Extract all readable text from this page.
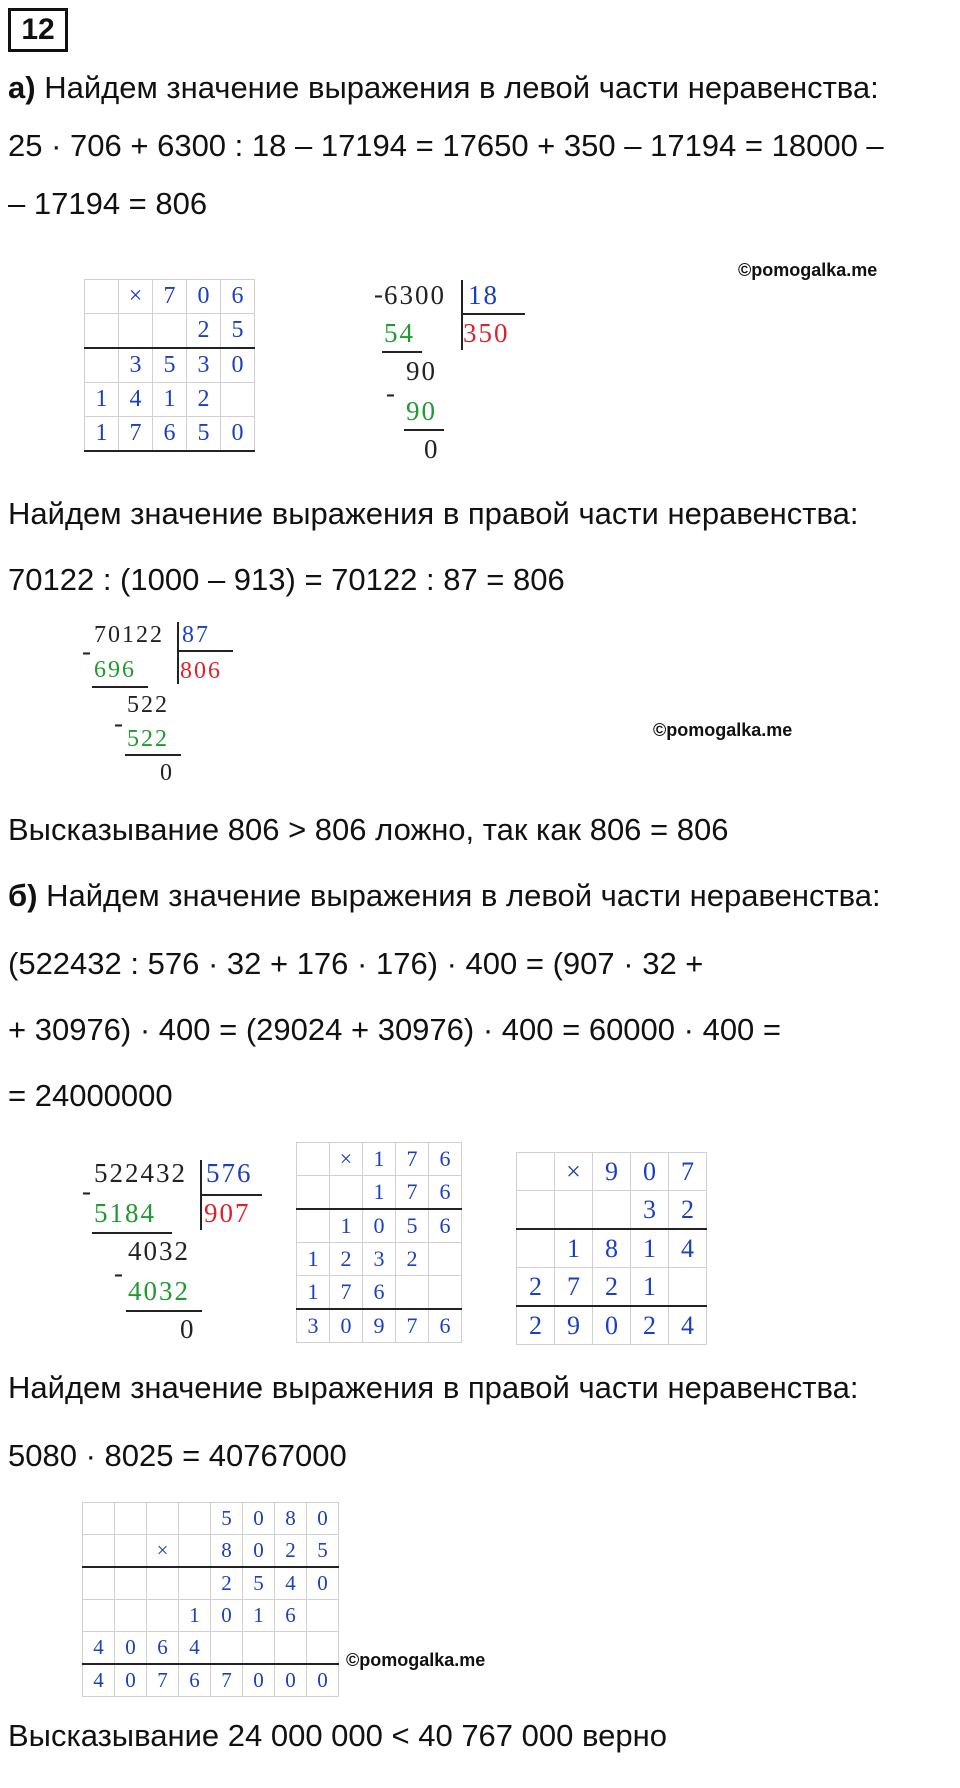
12
а) Найдем значение выражения в левой части неравенства:
25 · 706 + 6300 : 18 – 17194 = 17650 + 350 – 17194 = 18000 –
– 17194 = 806
©pomogalka.me
	×	7	0	6
			2	5
	3	5	3	0
1	4	1	2	
1	7	6	5	0
- 6300 18
350
54
90
-
90
0
Найдем значение выражения в правой части неравенства:
70122 : (1000 – 913) = 70122 : 87 = 806
-
70122 87
806
696
522
-
522
0
©pomogalka.me
Высказывание 806 > 806 ложно, так как 806 = 806
б) Найдем значение выражения в левой части неравенства:
(522432 : 576 · 32 + 176 · 176) · 400 = (907 · 32 +
+ 30976) · 400 = (29024 + 30976) · 400 = 60000 · 400 =
= 24000000
-
522432 576
907
5184
4032
-
4032
0
	×	1	7	6
		1	7	6
	1	0	5	6
1	2	3	2	
1	7	6		
3	0	9	7	6
	×	9	0	7
			3	2
	1	8	1	4
2	7	2	1	
2	9	0	2	4
Найдем значение выражения в правой части неравенства:
5080 · 8025 = 40767000
				5	0	8	0
		×		8	0	2	5
				2	5	4	0
			1	0	1	6	
4	0	6	4				
4	0	7	6	7	0	0	0
©pomogalka.me
Высказывание 24 000 000 < 40 767 000 верно
